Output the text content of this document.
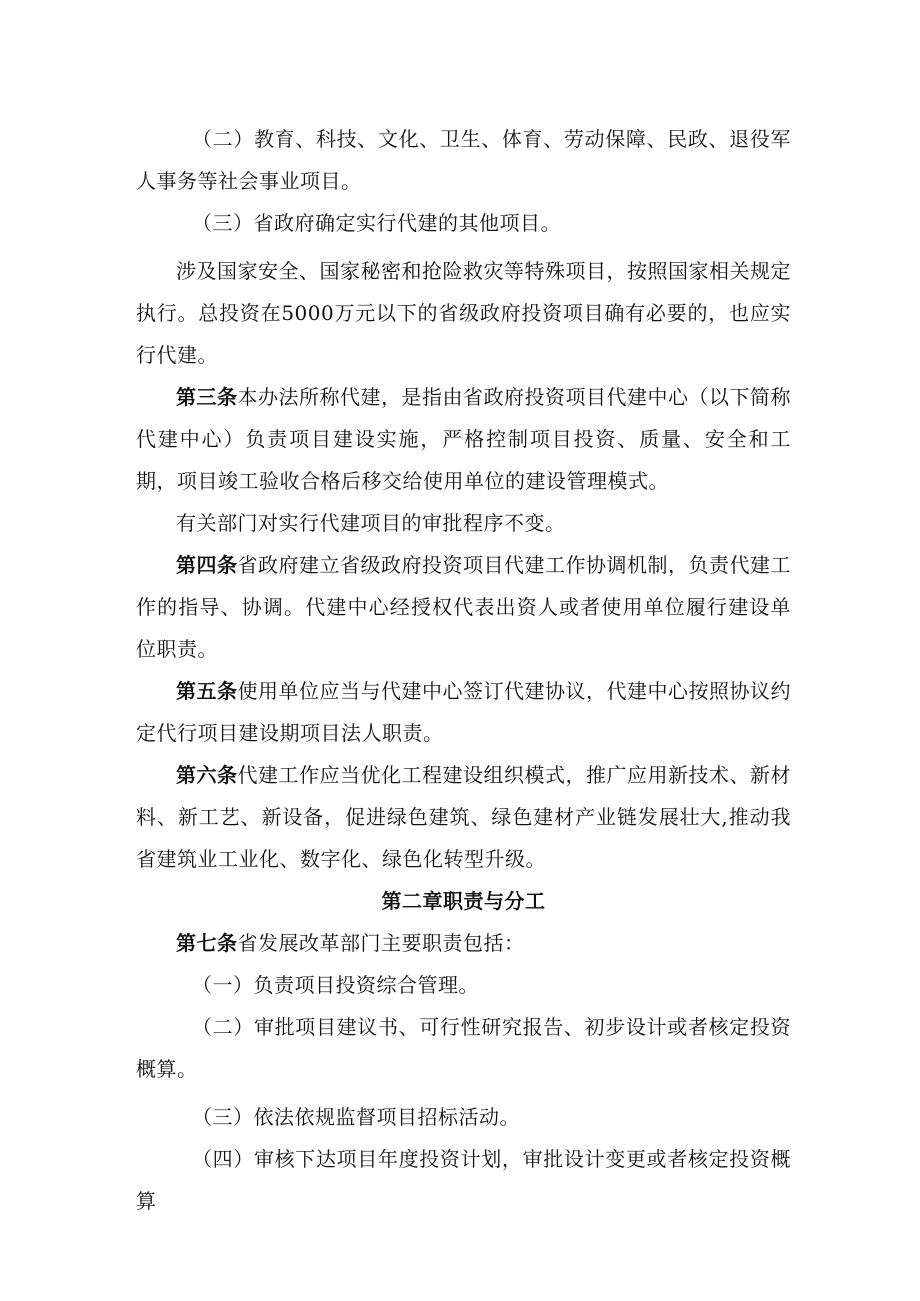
（二）教育、科技、文化、卫生、体育、劳动保障、民政、退役军人事务等社会事业项目。

（三）省政府确定实行代建的其他项目。

涉及国家安全、国家秘密和抢险救灾等特殊项目，按照国家相关规定执行。总投资在5000万元以下的省级政府投资项目确有必要的，也应实行代建。

第三条本办法所称代建，是指由省政府投资项目代建中心（以下简称代建中心）负责项目建设实施，严格控制项目投资、质量、安全和工期，项目竣工验收合格后移交给使用单位的建设管理模式。

有关部门对实行代建项目的审批程序不变。

第四条省政府建立省级政府投资项目代建工作协调机制，负责代建工作的指导、协调。代建中心经授权代表出资人或者使用单位履行建设单位职责。

第五条使用单位应当与代建中心签订代建协议，代建中心按照协议约定代行项目建设期项目法人职责。

第六条代建工作应当优化工程建设组织模式，推广应用新技术、新材料、新工艺、新设备，促进绿色建筑、绿色建材产业链发展壮大,推动我省建筑业工业化、数字化、绿色化转型升级。

第二章职责与分工

第七条省发展改革部门主要职责包括：

（一）负责项目投资综合管理。

（二）审批项目建议书、可行性研究报告、初步设计或者核定投资概算。

（三）依法依规监督项目招标活动。

（四）审核下达项目年度投资计划，审批设计变更或者核定投资概算
